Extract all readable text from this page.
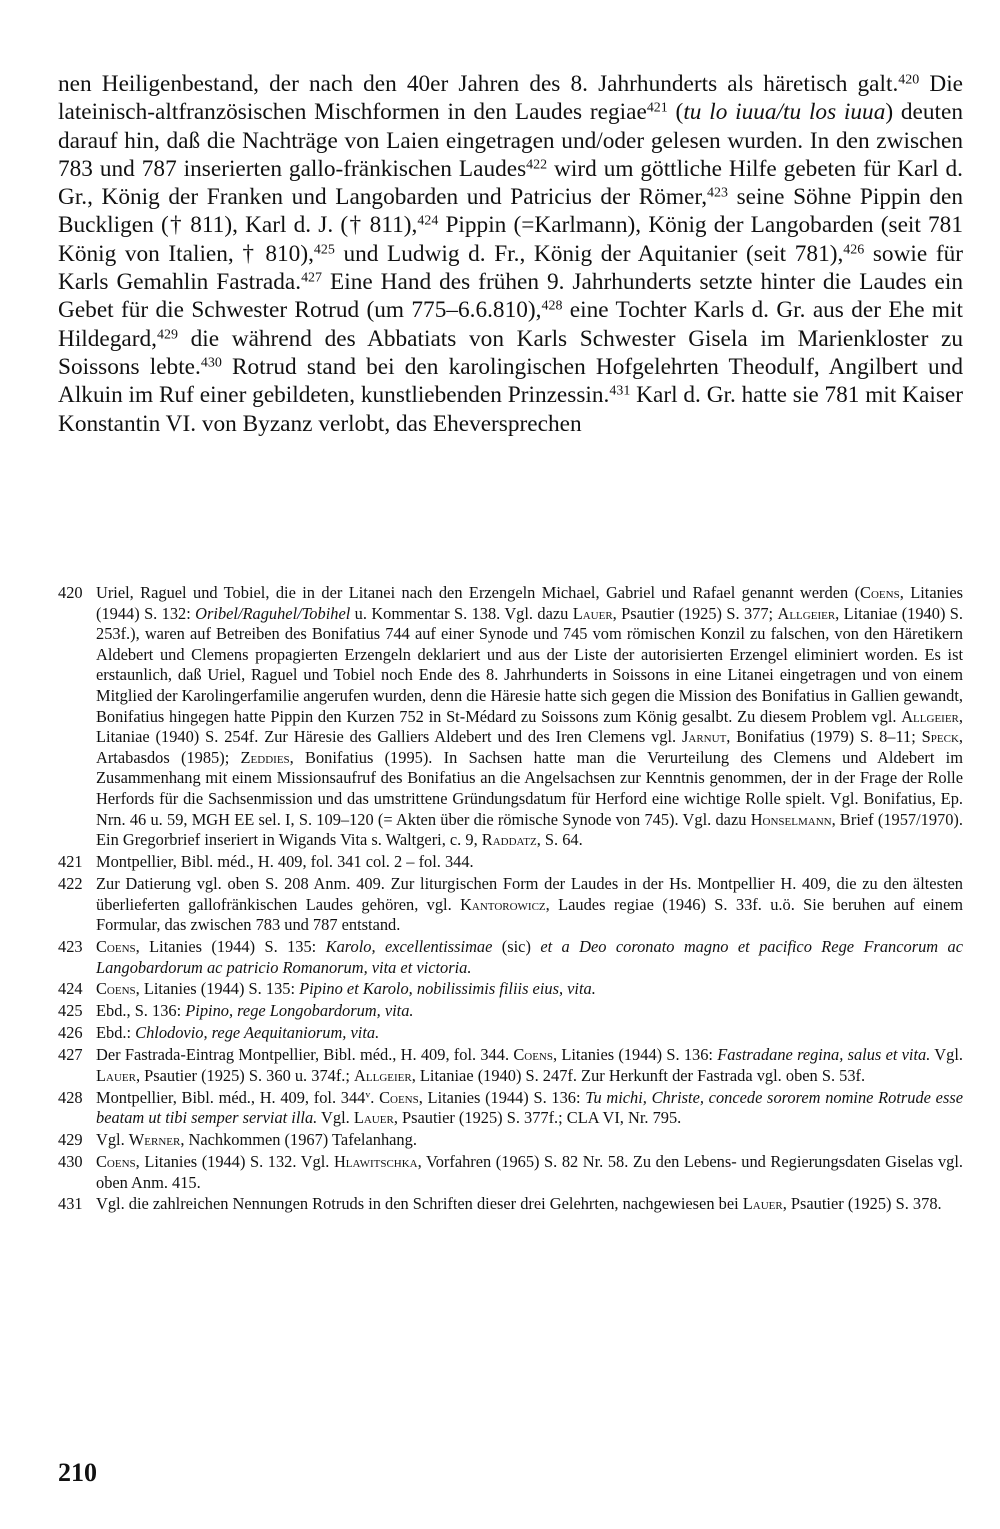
nen Heiligenbestand, der nach den 40er Jahren des 8. Jahrhunderts als häretisch galt.$^{420}$ Die lateinisch-altfranzösischen Mischformen in den Laudes regiae$^{421}$ (tu lo iuua/tu los iuua) deuten darauf hin, daß die Nachträge von Laien eingetragen und/oder gelesen wurden. In den zwischen 783 und 787 inserierten gallo-fränkischen Laudes$^{422}$ wird um göttliche Hilfe gebeten für Karl d. Gr., König der Franken und Langobarden und Patricius der Römer,$^{423}$ seine Söhne Pippin den Buckligen († 811), Karl d. J. († 811),$^{424}$ Pippin (=Karlmann), König der Langobarden (seit 781 König von Italien, † 810),$^{425}$ und Ludwig d. Fr., König der Aquitanier (seit 781),$^{426}$ sowie für Karls Gemahlin Fastrada.$^{427}$ Eine Hand des frühen 9. Jahrhunderts setzte hinter die Laudes ein Gebet für die Schwester Rotrud (um 775–6.6.810),$^{428}$ eine Tochter Karls d. Gr. aus der Ehe mit Hildegard,$^{429}$ die während des Abbatiats von Karls Schwester Gisela im Marienkloster zu Soissons lebte.$^{430}$ Rotrud stand bei den karolingischen Hofgelehrten Theodulf, Angilbert und Alkuin im Ruf einer gebildeten, kunstliebenden Prinzessin.$^{431}$ Karl d. Gr. hatte sie 781 mit Kaiser Konstantin VI. von Byzanz verlobt, das Eheversprechen

420 Uriel, Raguel und Tobiel, die in der Litanei nach den Erzengeln Michael, Gabriel und Rafael genannt werden (Coens, Litanies (1944) S. 132: Oribel/Raguhel/Tobihel u. Kommentar S. 138. Vgl. dazu Lauer, Psautier (1925) S. 377; Allgeier, Litaniae (1940) S. 253f.), waren auf Betreiben des Bonifatius 744 auf einer Synode und 745 vom römischen Konzil zu falschen, von den Häretikern Aldebert und Clemens propagierten Erzengeln deklariert und aus der Liste der autorisierten Erzengel eliminiert worden. Es ist erstaunlich, daß Uriel, Raguel und Tobiel noch Ende des 8. Jahrhunderts in Soissons in eine Litanei eingetragen und von einem Mitglied der Karolingerfamilie angerufen wurden, denn die Häresie hatte sich gegen die Mission des Bonifatius in Gallien gewandt, Bonifatius hingegen hatte Pippin den Kurzen 752 in St-Médard zu Soissons zum König gesalbt. Zu diesem Problem vgl. Allgeier, Litaniae (1940) S. 254f. Zur Häresie des Galliers Aldebert und des Iren Clemens vgl. Jarnut, Bonifatius (1979) S. 8–11; Speck, Artabasdos (1985); Zeddies, Bonifatius (1995). In Sachsen hatte man die Verurteilung des Clemens und Aldebert im Zusammenhang mit einem Missionsaufruf des Bonifatius an die Angelsachsen zur Kenntnis genommen, der in der Frage der Rolle Herfords für die Sachsenmission und das umstrittene Gründungsdatum für Herford eine wichtige Rolle spielt. Vgl. Bonifatius, Ep. Nrn. 46 u. 59, MGH EE sel. I, S. 109–120 (= Akten über die römische Synode von 745). Vgl. dazu Honselmann, Brief (1957/1970). Ein Gregorbrief inseriert in Wigands Vita s. Waltgeri, c. 9, Raddatz, S. 64.
421 Montpellier, Bibl. méd., H. 409, fol. 341 col. 2 – fol. 344.
422 Zur Datierung vgl. oben S. 208 Anm. 409. Zur liturgischen Form der Laudes in der Hs. Montpellier H. 409, die zu den ältesten überlieferten gallofränkischen Laudes gehören, vgl. Kantorowicz, Laudes regiae (1946) S. 33f. u.ö. Sie beruhen auf einem Formular, das zwischen 783 und 787 entstand.
423 Coens, Litanies (1944) S. 135: Karolo, excellentissimae (sic) et a Deo coronato magno et pacifico Rege Francorum ac Langobardorum ac patricio Romanorum, vita et victoria.
424 Coens, Litanies (1944) S. 135: Pipino et Karolo, nobilissimis filiis eius, vita.
425 Ebd., S. 136: Pipino, rege Longobardorum, vita.
426 Ebd.: Chlodovio, rege Aequitaniorum, vita.
427 Der Fastrada-Eintrag Montpellier, Bibl. méd., H. 409, fol. 344. Coens, Litanies (1944) S. 136: Fastradane regina, salus et vita. Vgl. Lauer, Psautier (1925) S. 360 u. 374f.; Allgeier, Litaniae (1940) S. 247f. Zur Herkunft der Fastrada vgl. oben S. 53f.
428 Montpellier, Bibl. méd., H. 409, fol. 344$^v$. Coens, Litanies (1944) S. 136: Tu michi, Christe, concede sororem nomine Rotrude esse beatam ut tibi semper serviat illa. Vgl. Lauer, Psautier (1925) S. 377f.; CLA VI, Nr. 795.
429 Vgl. Werner, Nachkommen (1967) Tafelanhang.
430 Coens, Litanies (1944) S. 132. Vgl. Hlawitschka, Vorfahren (1965) S. 82 Nr. 58. Zu den Lebens- und Regierungsdaten Giselas vgl. oben Anm. 415.
431 Vgl. die zahlreichen Nennungen Rotruds in den Schriften dieser drei Gelehrten, nachgewiesen bei Lauer, Psautier (1925) S. 378.
210
